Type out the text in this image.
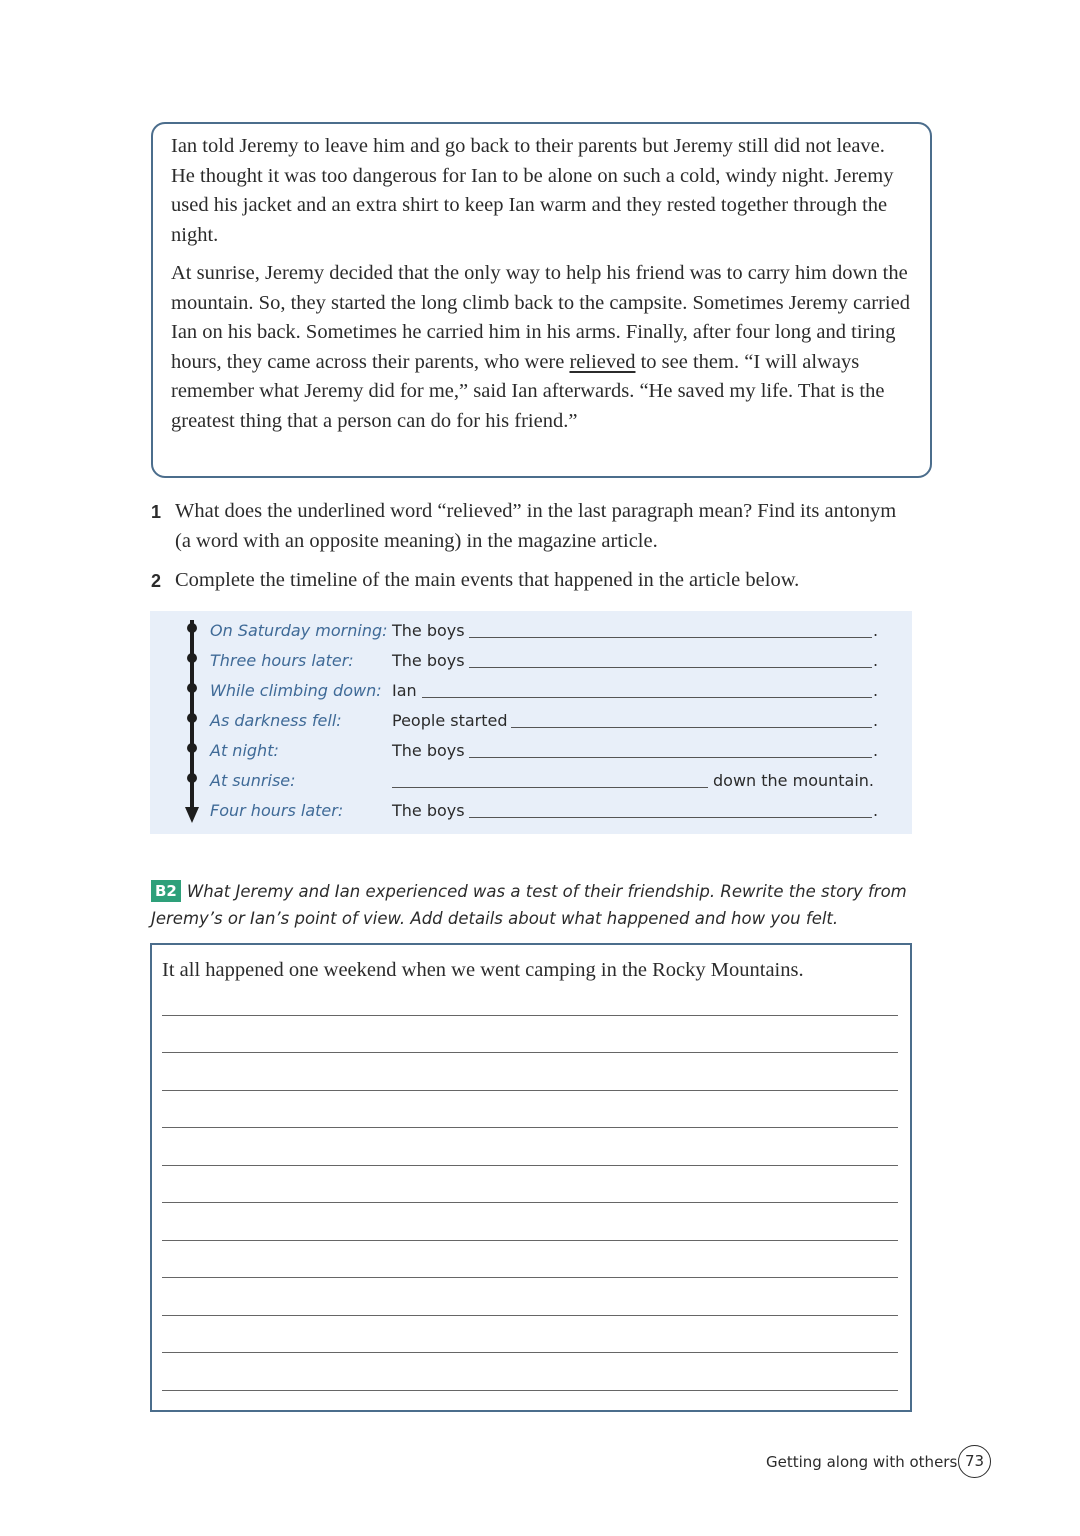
Ian told Jeremy to leave him and go back to their parents but Jeremy still did not leave. He thought it was too dangerous for Ian to be alone on such a cold, windy night. Jeremy used his jacket and an extra shirt to keep Ian warm and they rested together through the night.

At sunrise, Jeremy decided that the only way to help his friend was to carry him down the mountain. So, they started the long climb back to the campsite. Sometimes Jeremy carried Ian on his back. Sometimes he carried him in his arms. Finally, after four long and tiring hours, they came across their parents, who were relieved to see them. “I will always remember what Jeremy did for me,” said Ian afterwards. “He saved my life. That is the greatest thing that a person can do for his friend.”

1 What does the underlined word “relieved” in the last paragraph mean? Find its antonym (a word with an opposite meaning) in the magazine article.
2 Complete the timeline of the main events that happened in the article below.
On Saturday morning: The boys	.
Three hours later: The boys	.
While climbing down: Ian	.
As darkness fell:	People started	.
At night:	The boys	.
At sunrise:	down the mountain.
Four hours later:	The boys	.
B2 What Jeremy and Ian experienced was a test of their friendship. Rewrite the story from Jeremy’s or Ian’s point of view. Add details about what happened and how you felt.
It all happened one weekend when we went camping in the Rocky Mountains.
Getting along with others 73
